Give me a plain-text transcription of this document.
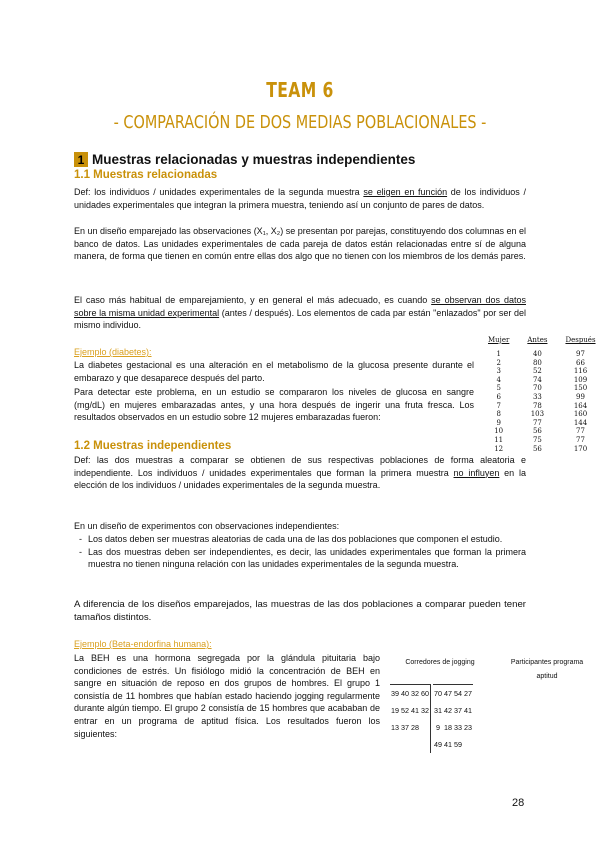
TEAM 6
- COMPARACIÓN DE DOS MEDIAS POBLACIONALES -
1 Muestras relacionadas y muestras independientes
1.1 Muestras relacionadas
Def: los individuos / unidades experimentales de la segunda muestra se eligen en función de los individuos / unidades experimentales que integran la primera muestra, teniendo así un conjunto de pares de datos.
En un diseño emparejado las observaciones (X₁, X₂) se presentan por parejas, constituyendo dos columnas en el banco de datos. Las unidades experimentales de cada pareja de datos están relacionadas entre sí de alguna manera, de forma que tienen en común entre ellas dos algo que no tienen con los miembros de los demás pares.
El caso más habitual de emparejamiento, y en general el más adecuado, es cuando se observan dos datos sobre la misma unidad experimental (antes / después). Los elementos de cada par están "enlazados" por ser del mismo individuo.
Ejemplo (diabetes):
La diabetes gestacional es una alteración en el metabolismo de la glucosa presente durante el embarazo y que desaparece después del parto.
Para detectar este problema, en un estudio se compararon los niveles de glucosa en sangre (mg/dL) en mujeres embarazadas antes, y una hora después de ingerir una fruta fresca. Los resultados observados en un estudio sobre 12 mujeres embarazadas fueron:
Mujer	Antes	Después
1	40	97
2	80	66
3	52	116
4	74	109
5	70	150
6	33	99
7	78	164
8	103	160
9	77	144
10	56	77
11	75	77
12	56	170
1.2 Muestras independientes
Def: las dos muestras a comparar se obtienen de sus respectivas poblaciones de forma aleatoria e independiente. Los individuos / unidades experimentales que forman la primera muestra no influyen en la elección de los individuos / unidades experimentales de la segunda muestra.
En un diseño de experimentos con observaciones independientes:
- Los datos deben ser muestras aleatorias de cada una de las dos poblaciones que componen el estudio.
- Las dos muestras deben ser independientes, es decir, las unidades experimentales que forman la primera muestra no tienen ninguna relación con las unidades experimentales de la segunda muestra.
A diferencia de los diseños emparejados, las muestras de las dos poblaciones a comparar pueden tener tamaños distintos.
Ejemplo (Beta-endorfina humana):
La BEH es una hormona segregada por la glándula pituitaria bajo condiciones de estrés. Un fisiólogo midió la concentración de BEH en sangre en situación de reposo en dos grupos de hombres. El grupo 1 consistía de 11 hombres que habían estado haciendo jogging regularmente durante algún tiempo. El grupo 2 consistía de 15 hombres que acababan de entrar en un programa de aptitud física. Los resultados fueron los siguientes:
Corredores de jogging	Participantes programa aptitud
39	40	32	60		70	47	54	27
19	52	41	32		31	42	37	41
13	37	28			9	18	33	23
					49	41	59	
28
